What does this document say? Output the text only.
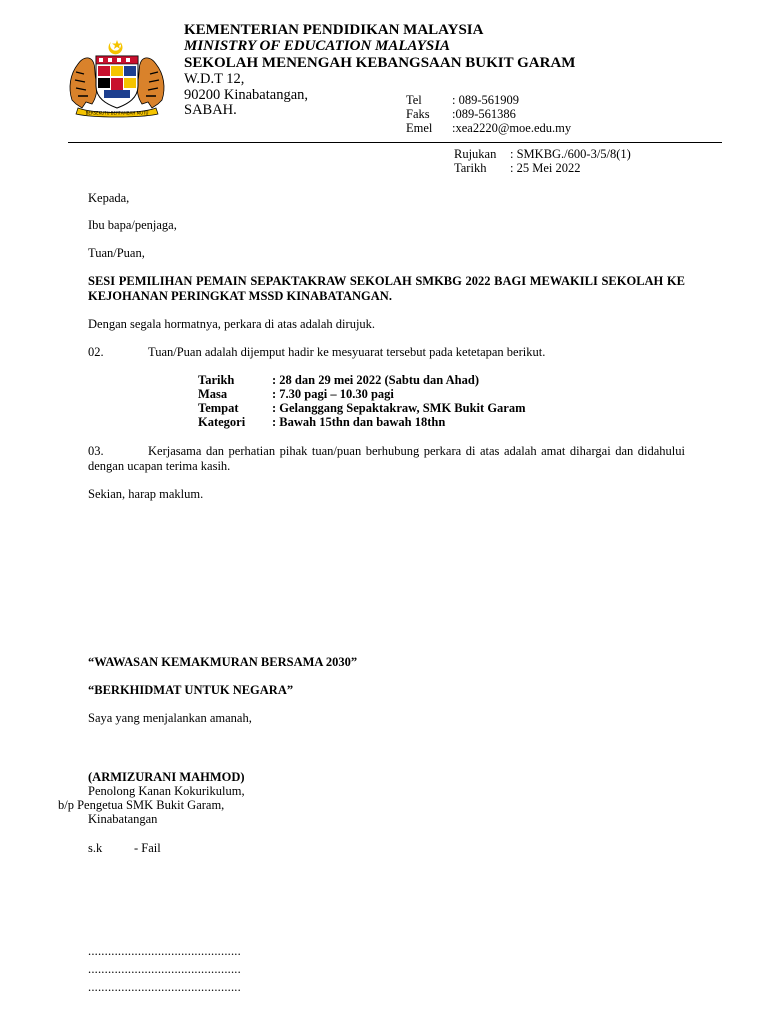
BERSEKUTU BERTAMBAH MUTU
KEMENTERIAN PENDIDIKAN MALAYSIA
MINISTRY OF EDUCATION MALAYSIA
SEKOLAH MENENGAH KEBANGSAAN BUKIT GARAM
W.D.T 12,
90200 Kinabatangan,
SABAH.
Tel : 089-561909
Faks :089-561386
Emel :xea2220@moe.edu.my
Rujukan : SMKBG./600-3/5/8(1)
Tarikh : 25 Mei 2022
Kepada,
Ibu bapa/penjaga,
Tuan/Puan,
SESI PEMILIHAN PEMAIN SEPAKTAKRAW SEKOLAH SMKBG 2022 BAGI MEWAKILI SEKOLAH KE KEJOHANAN PERINGKAT MSSD KINABATANGAN.
Dengan segala hormatnya, perkara di atas adalah dirujuk.
02.	Tuan/Puan adalah dijemput hadir ke mesyuarat tersebut pada ketetapan berikut.
Tarikh	: 28 dan 29 mei 2022 (Sabtu dan Ahad)
Masa	: 7.30 pagi – 10.30 pagi
Tempat	: Gelanggang Sepaktakraw, SMK Bukit Garam
Kategori : Bawah 15thn dan bawah 18thn
03.	Kerjasama dan perhatian pihak tuan/puan berhubung perkara di atas adalah amat dihargai dan didahului dengan ucapan terima kasih.
Sekian, harap maklum.
“WAWASAN KEMAKMURAN BERSAMA 2030”
“BERKHIDMAT UNTUK NEGARA”
Saya yang menjalankan amanah,
(ARMIZURANI MAHMOD)
Penolong Kanan Kokurikulum,
b/p Pengetua SMK Bukit Garam,
Kinabatangan
s.k	- Fail
..............................................
..............................................
..............................................
